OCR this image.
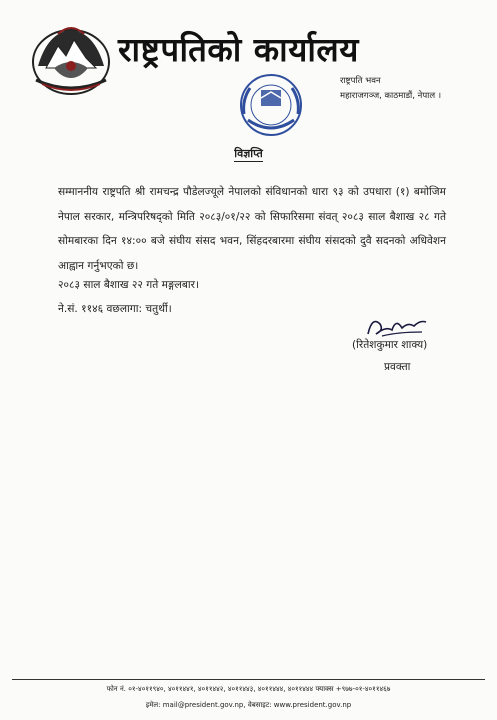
राष्ट्रपतिको कार्यालय
राष्ट्रपति भवन
महाराजगञ्ज, काठमाडौं, नेपाल ।
विज्ञप्ति
सम्माननीय राष्ट्रपति श्री रामचन्द्र पौडेलज्यूले नेपालको संविधानको धारा ९३ को उपधारा (१) बमोजिम नेपाल सरकार, मन्त्रिपरिषद्को मिति २०८३/०१/२२ को सिफारिसमा संवत् २०८३ साल बैशाख २८ गते सोमबारका दिन १४:०० बजे संघीय संसद भवन, सिंहदरबारमा संघीय संसदको दुवै सदनको अधिवेशन आह्वान गर्नुभएको छ।
२०८३ साल बैशाख २२ गते मङ्गलबार।
ने.सं. ११४६ वछलागा: चतुर्थी।
(रितेशकुमार शाक्य)
प्रवक्ता
फोन नं. ०१-४०११९४०, ४०११४४१, ४०११४४२, ४०११४४३, ४०११४४४, ४०११४४४ फ्याक्स +९७७-०१-४०११४६७
इमेल: mail@president.gov.np, वेबसाइट: www.president.gov.np
